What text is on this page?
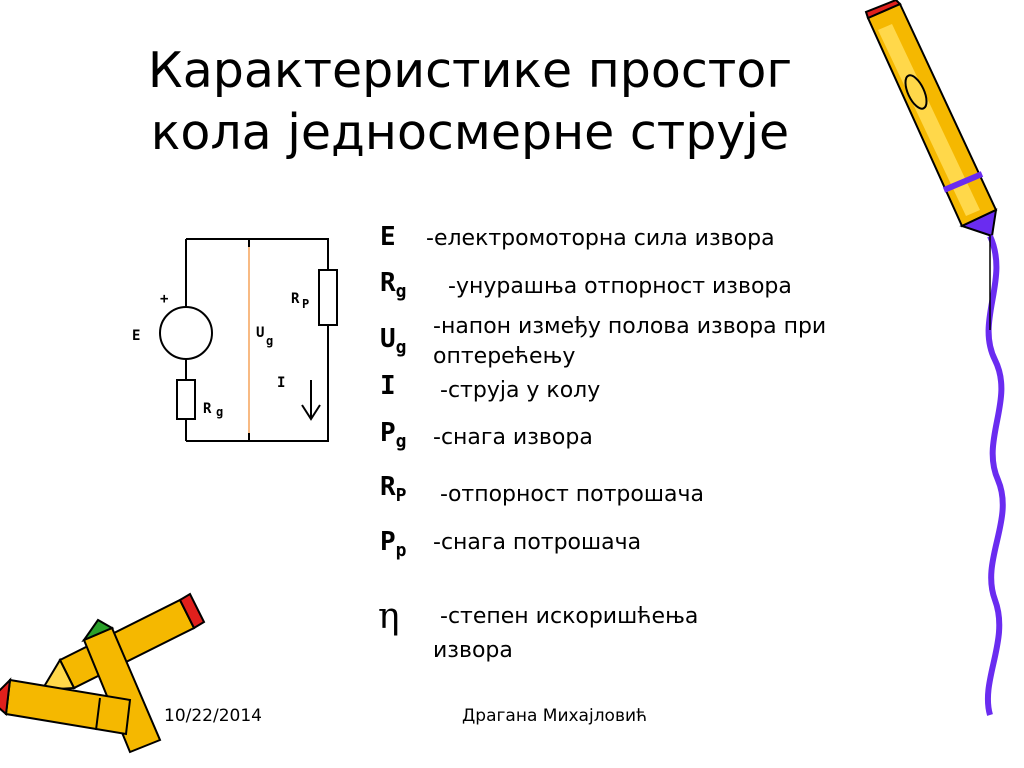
Карактеристике простог
кола једносмерне струје
+
E
R g
R P
U g
I
E -електромоторна сила извора
$R_g$ -унурашња отпорност извора
$U_g$
-напон између полова извора при
оптерећењу
I -струја у колу
$P_g$ -снага извора
$R_P$ -отпорност потрошача
$P_p$ -снага потрошача
η -степен искоришћења
извора
10/22/2014	Драгана Михајловић
